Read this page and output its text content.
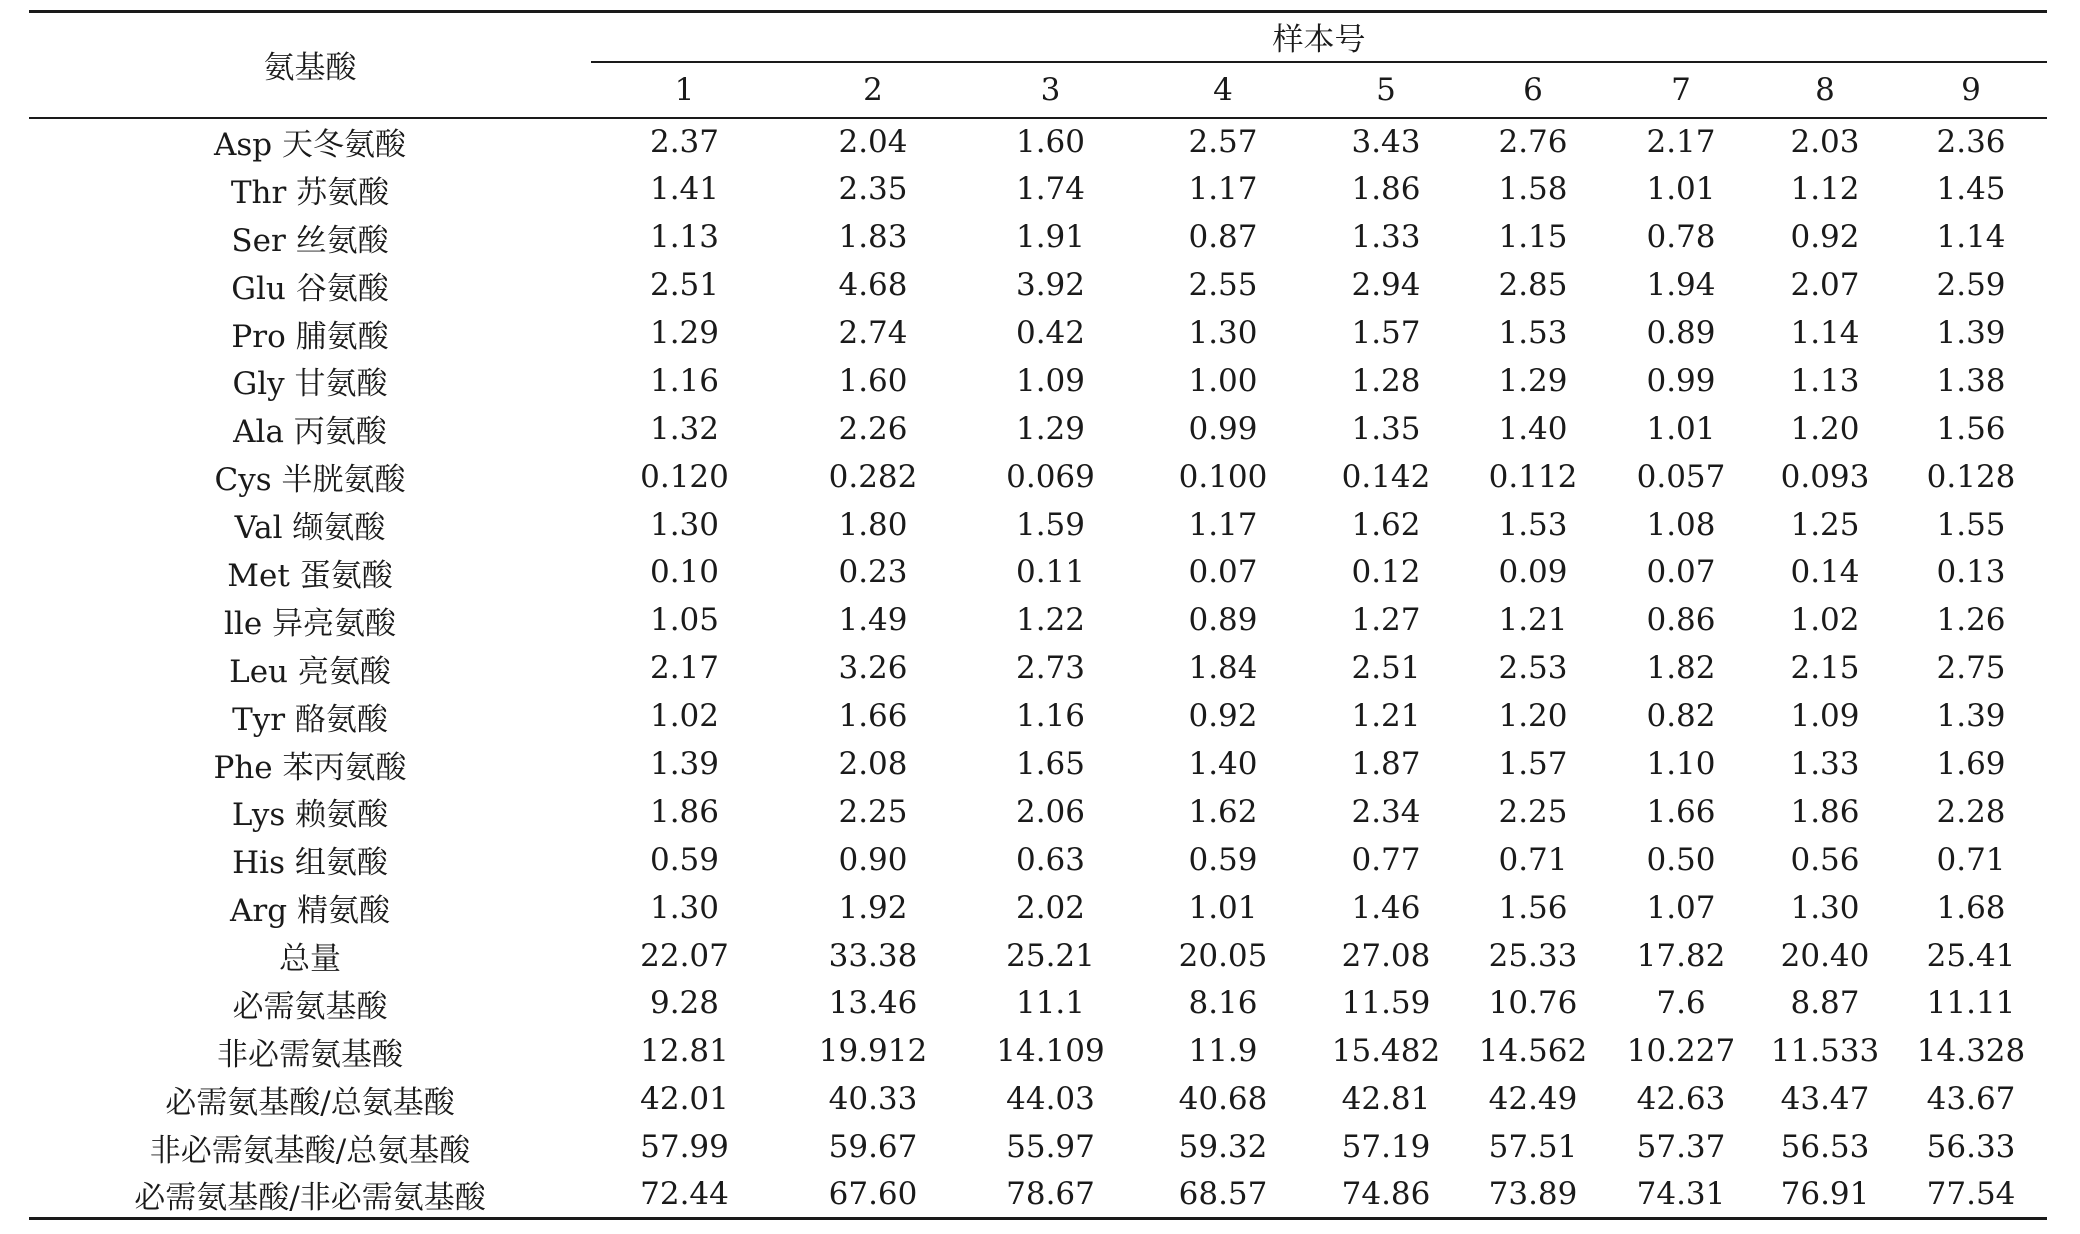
氨基酸	样本号								
	1	2	3	4	5	6	7	8	9
Asp 天冬氨酸	2.37	2.04	1.60	2.57	3.43	2.76	2.17	2.03	2.36
Thr 苏氨酸	1.41	2.35	1.74	1.17	1.86	1.58	1.01	1.12	1.45
Ser 丝氨酸	1.13	1.83	1.91	0.87	1.33	1.15	0.78	0.92	1.14
Glu 谷氨酸	2.51	4.68	3.92	2.55	2.94	2.85	1.94	2.07	2.59
Pro 脯氨酸	1.29	2.74	0.42	1.30	1.57	1.53	0.89	1.14	1.39
Gly 甘氨酸	1.16	1.60	1.09	1.00	1.28	1.29	0.99	1.13	1.38
Ala 丙氨酸	1.32	2.26	1.29	0.99	1.35	1.40	1.01	1.20	1.56
Cys 半胱氨酸	0.120	0.282	0.069	0.100	0.142	0.112	0.057	0.093	0.128
Val 缬氨酸	1.30	1.80	1.59	1.17	1.62	1.53	1.08	1.25	1.55
Met 蛋氨酸	0.10	0.23	0.11	0.07	0.12	0.09	0.07	0.14	0.13
lle 异亮氨酸	1.05	1.49	1.22	0.89	1.27	1.21	0.86	1.02	1.26
Leu 亮氨酸	2.17	3.26	2.73	1.84	2.51	2.53	1.82	2.15	2.75
Tyr 酪氨酸	1.02	1.66	1.16	0.92	1.21	1.20	0.82	1.09	1.39
Phe 苯丙氨酸	1.39	2.08	1.65	1.40	1.87	1.57	1.10	1.33	1.69
Lys 赖氨酸	1.86	2.25	2.06	1.62	2.34	2.25	1.66	1.86	2.28
His 组氨酸	0.59	0.90	0.63	0.59	0.77	0.71	0.50	0.56	0.71
Arg 精氨酸	1.30	1.92	2.02	1.01	1.46	1.56	1.07	1.30	1.68
总量	22.07	33.38	25.21	20.05	27.08	25.33	17.82	20.40	25.41
必需氨基酸	9.28	13.46	11.1	8.16	11.59	10.76	7.6	8.87	11.11
非必需氨基酸	12.81	19.912	14.109	11.9	15.482	14.562	10.227	11.533	14.328
必需氨基酸/总氨基酸	42.01	40.33	44.03	40.68	42.81	42.49	42.63	43.47	43.67
非必需氨基酸/总氨基酸	57.99	59.67	55.97	59.32	57.19	57.51	57.37	56.53	56.33
必需氨基酸/非必需氨基酸	72.44	67.60	78.67	68.57	74.86	73.89	74.31	76.91	77.54
